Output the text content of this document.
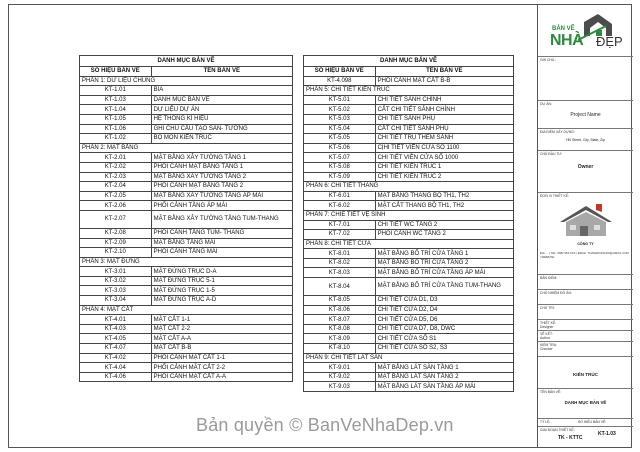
DANH MỤC BẢN VẼ	
SỐ HIỆU BẢN VẼ	TÊN BẢN VẼ
PHẦN 1: DỮ LIỆU CHUNG	
KT-1.01	BÌA
KT-1.03	DANH MỤC BẢN VẼ
KT-1.04	DỰ LIỆU DỰ ÁN
KT-1.05	HỆ THỐNG KÍ HIỆU
KT-1.06	GHI CHÚ CẤU TẠO SÀN- TƯỜNG
KT-1.02	BỘ MÔN KIẾN TRÚC
PHẦN 2: MẶT BẰNG	
KT-2.01	MẶT BẰNG XÂY TƯỜNG TẦNG 1
KT-2.02	PHỐI CẢNH MẶT BẰNG TẦNG 1
KT-2.03	MẶT BẰNG XÂY TƯỜNG TẦNG 2
KT-2.04	PHỐI CẢNH MẶT BẰNG TẦNG 2
KT-2.05	MẶT BẰNG XÂY TƯỜNG TẦNG ÁP MÁI
KT-2.06	PHỐI CẢNH TẦNG ÁP MÁI
KT-2.07	MẶT BẰNG XÂY TƯỜNG TẦNG TUM-THANG
KT-2.08	PHỐI CẢNH TẦNG TUM- THANG
KT-2.09	MẶT BẰNG TẦNG MÁI
KT-2.10	PHỐI CẢNH TẦNG MÁI
PHẦN 3: MẶT ĐỨNG	
KT-3.01	MẶT ĐỨNG TRỤC D-A
KT-3.02	MẶT ĐỨNG TRỤC 5-1
KT-3.03	MẶT ĐỨNG TRỤC 1-5
KT-3.04	MẶT ĐỨNG TRỤC A-D
PHẦN 4: MẶT CẮT	
KT-4.01	MẶT CẮT 1-1
KT-4.03	MẶT CẮT 2-2
KT-4.05	MẶT CẮT A-A
KT-4.07	MẶT CẮT B-B
KT-4.02	PHỐI CẢNH MẶT CẮT 1-1
KT-4.04	PHỐI CẢNH MẶT CẮT 2-2
KT-4.06	PHỐI CẢNH MẶT CẮT A-A
DANH MỤC BẢN VẼ	
SỐ HIỆU BẢN VẼ	TÊN BẢN VẼ
KT-4.098	PHỐI CẢNH MẶT CẮT B-B
PHẦN 5: CHI TIẾT KIẾN TRÚC	
KT-5.01	CHI TIẾT SẢNH CHÍNH
KT-5.02	CẮT CHI TIẾT SẢNH CHÍNH
KT-5.03	CHI TIẾT SẢNH PHỤ
KT-5.04	CẮT CHI TIẾT SẢNH PHỤ
KT-5.05	CHI TIẾT TRỤ THÈM SẢNH
KT-5.06	CỊHI TIẾT VIỀN CỬA SỐ 1100
KT-5.07	CHI TIẾT VIỀN CỬA SỐ 1000
KT-5.08	CHI TIẾT KIẾN TRÚC 1
KT-5.09	CHI TIẾT KIẾN TRÚC 2
PHẦN 6: CHI TIẾT THANG	
KT-6.01	MẶT BẰNG THANG BỘ TH1, TH2
KT-6.02	MẶT CẮT THANG BỘ TH1, TH2
PHẦN 7: CHIE TIẾT VỆ SINH	
KT-7.01	CHI TIẾT WC TẦNG 2
KT-7.02	PHỐI CẢNH WC TẦNG 2
PHẦN 8: CHI TIẾT CỬA	
KT-8.01	MẶT BẰNG BỐ TRÍ CỬA TẦNG 1
KT-8.02	MẶT BẰNG BỐ TRÍ CỬA TẦNG 2
KT-8.03	MẶT BẰNG BỐ TRÍ CỬA TẦNG ÁP MÁI
KT-8.04	MẶT BẰNG BỐ TRÍ CỬA TẦNG TUM-THANG
KT-8.05	CHI TIẾT CỬA D1, D3
KT-8.06	CHI TIẾT CỬA D2, D4
KT-8.07	CHI TIẾT CỬA D5, D6
KT-8.08	CHI TIẾT CỬA D7, D8, DWC
KT-8.09	CHI TIẾT CỬA SỐ S1
KT-8.10	CHI TIẾT CỬA SỐ S2, S3
PHẦN 9: CHI TIẾT LÁT SÀN	
KT-9.01	MẶT BẰNG LÁT SÀN TẦNG 1
KT-9.02	MẶT BẰNG LÁT SÀN TẦNG 2
KT-9.03	MẶT BẰNG LÁT SÀN TẦNG ÁP MÁI
BẢN VẼ
NHÀ ĐẸP
GHI CHÚ :
DỰ ÁN:
Project Name
ĐỊA ĐIỂM XÂY DỰNG:
HN Street, City, State, Zip
CHỦ ĐẦU TƯ:
Owner
ĐƠN VỊ THIẾT KẾ:
CÔNG TY
ĐỊA: ... | TEL: 0987.654.XXX | EMAIL: THANHDONGDO@GMAIL.COM | WEBSITE:
BẢN KIỂM:
CHỦ NHIỆM ĐỒ ÁN:
CHỦ TRÌ:
THIẾT KẾ:
Designer
VẼ KẾT:
Author
KIỂM TRA:
Checker
KIẾN TRÚC
TÊN BẢN VẼ:
DANH MỤC BẢN VẼ
TỶ LỆ:	SỐ HIỆU BẢN VẼ:
GIAI ĐOẠN THIẾT KẾ:
TK - KTTC
KT-1.03
Bản quyền © BanVeNhaDep.vn
